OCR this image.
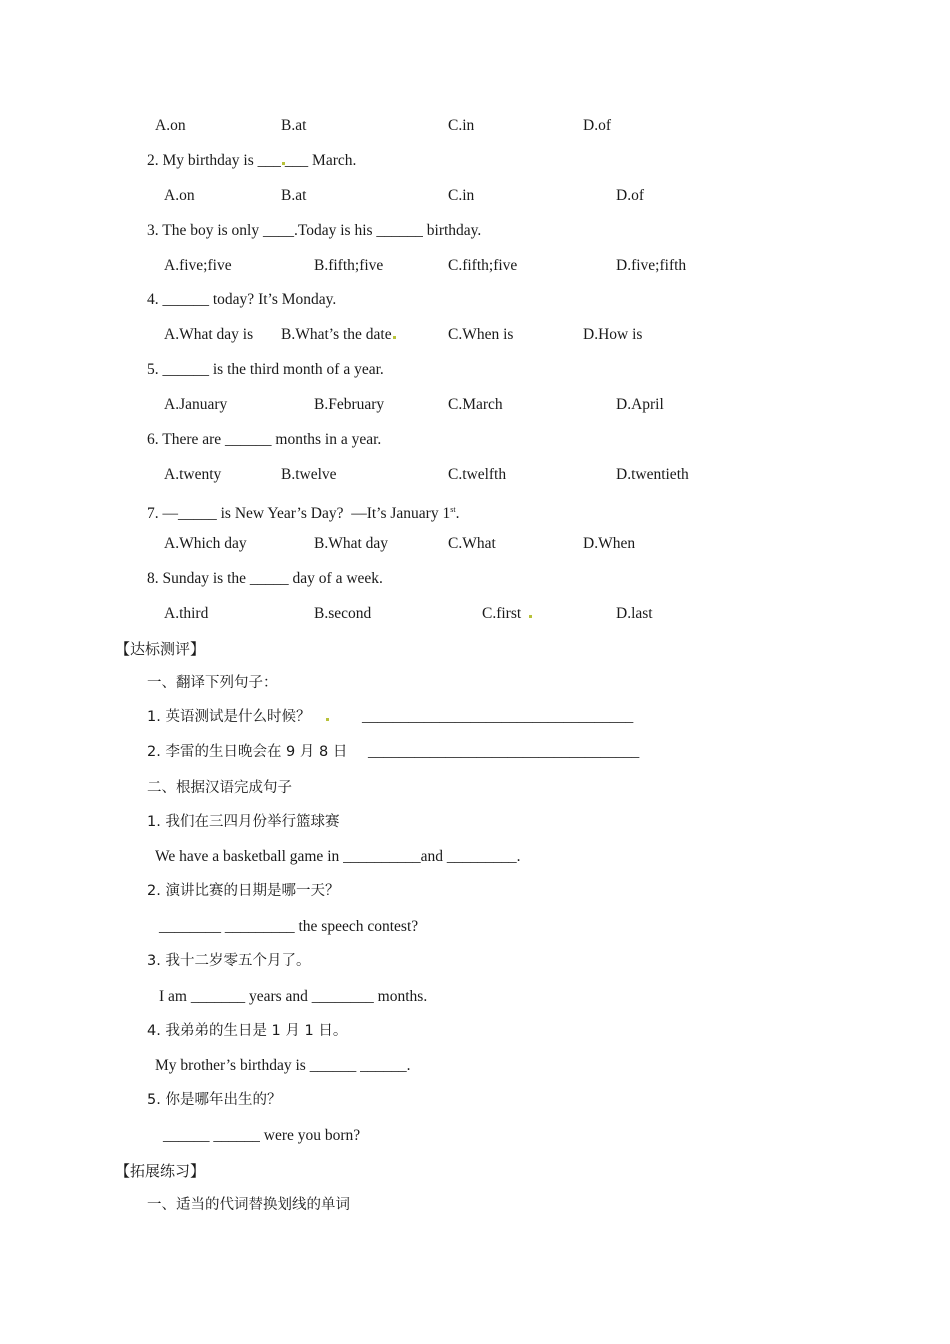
A.on	B.at	C.in	D.of
2. My birthday is ___ ___ March.
A.on	B.at	C.in	D.of
3. The boy is only ____.Today is his ______ birthday.
A.five;five	B.fifth;five	C.fifth;five	D.five;fifth
4. ______ today? It’s Monday.
A.What day is B.What’s the date	C.When is	D.How is
5. ______ is the third month of a year.
A.January	B.February	C.March	D.April
6. There are ______ months in a year.
A.twenty	B.twelve	C.twelfth	D.twentieth
7. —_____ is New Year’s Day?  —It’s January 1st.
A.Which day	B.What day	C.What	D.When
8. Sunday is the _____ day of a week.
A.third	B.second	C.first	D.last
【达标测评】
一、翻译下列句子：
1. 英语测试是什么时候？	___________________________________
2. 李雷的生日晚会在 9 月 8 日 ___________________________________
二、根据汉语完成句子
1. 我们在三四月份举行篮球赛
We have a basketball game in __________and _________.
2. 演讲比赛的日期是哪一天？
________ _________ the speech contest?
3. 我十二岁零五个月了。
I am _______ years and ________ months.
4. 我弟弟的生日是 1 月 1 日。
My brother’s birthday is ______ ______.
5. 你是哪年出生的？
______ ______ were you born?
【拓展练习】
一、适当的代词替换划线的单词
